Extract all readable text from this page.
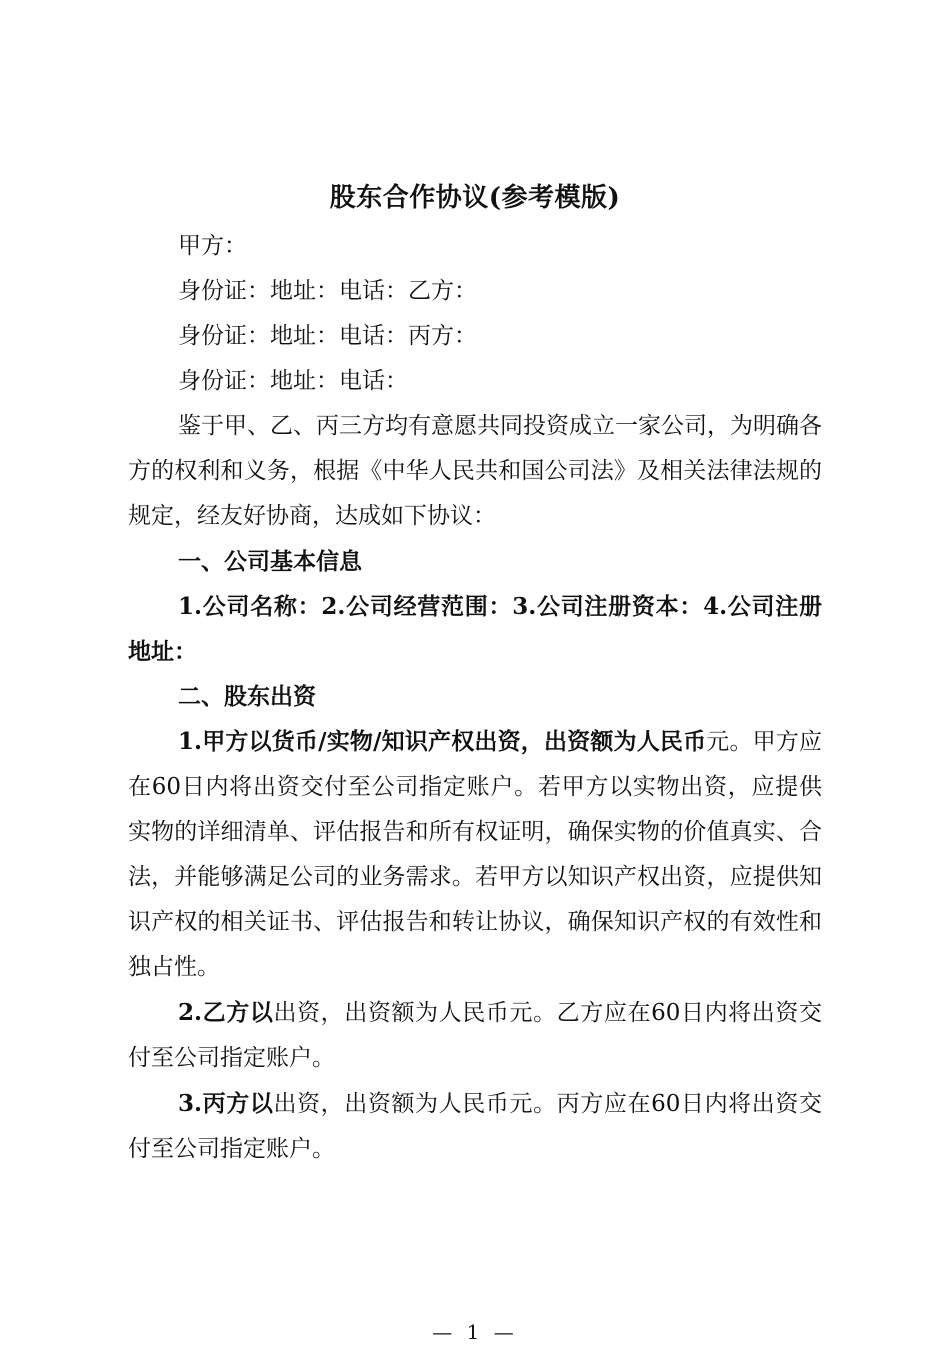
股东合作协议(参考模版)

甲方：

身份证：地址：电话：乙方：

身份证：地址：电话：丙方：

身份证：地址：电话：

鉴于甲、乙、丙三方均有意愿共同投资成立一家公司，为明确各方的权利和义务，根据《中华人民共和国公司法》及相关法律法规的规定，经友好协商，达成如下协议：

一、公司基本信息

1.公司名称：2.公司经营范围：3.公司注册资本：4.公司注册地址：

二、股东出资

1.甲方以货币/实物/知识产权出资，出资额为人民币元。甲方应在60日内将出资交付至公司指定账户。若甲方以实物出资，应提供实物的详细清单、评估报告和所有权证明，确保实物的价值真实、合法，并能够满足公司的业务需求。若甲方以知识产权出资，应提供知识产权的相关证书、评估报告和转让协议，确保知识产权的有效性和独占性。

2.乙方以出资，出资额为人民币元。乙方应在60日内将出资交付至公司指定账户。

3.丙方以出资，出资额为人民币元。丙方应在60日内将出资交付至公司指定账户。

— 1 —
